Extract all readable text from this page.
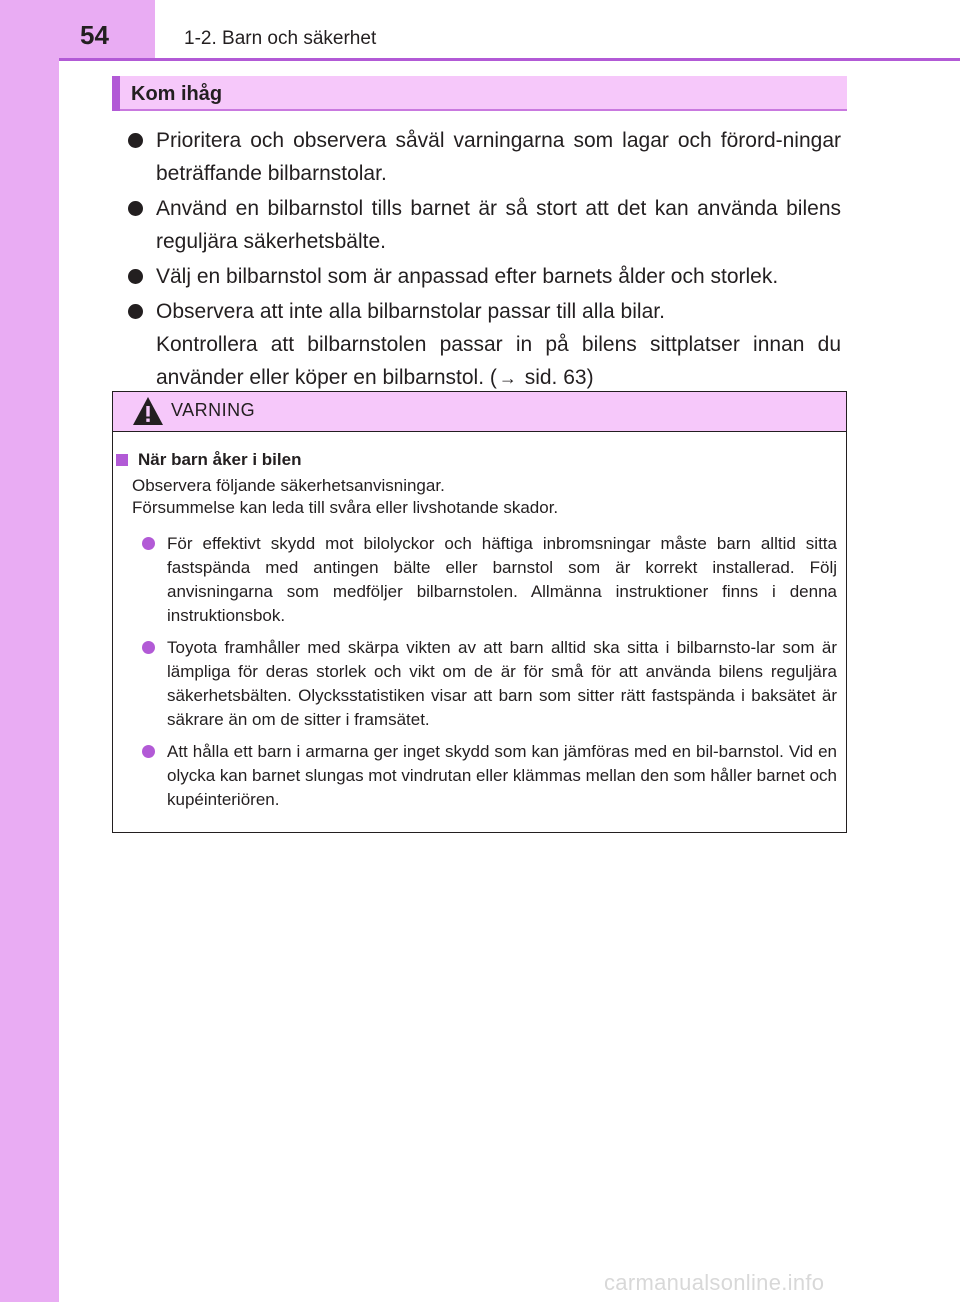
54	1-2. Barn och säkerhet
Kom ihåg
Prioritera och observera såväl varningarna som lagar och förord-ningar beträffande bilbarnstolar.
Använd en bilbarnstol tills barnet är så stort att det kan använda bilens reguljära säkerhetsbälte.
Välj en bilbarnstol som är anpassad efter barnets ålder och storlek.
Observera att inte alla bilbarnstolar passar till alla bilar.
Kontrollera att bilbarnstolen passar in på bilens sittplatser innan du använder eller köper en bilbarnstol. ( → sid. 63)
VARNING
När barn åker i bilen
Observera följande säkerhetsanvisningar.
Försummelse kan leda till svåra eller livshotande skador.
För effektivt skydd mot bilolyckor och häftiga inbromsningar måste barn alltid sitta fastspända med antingen bälte eller barnstol som är korrekt installerad. Följ anvisningarna som medföljer bilbarnstolen. Allmänna instruktioner finns i denna instruktionsbok.
Toyota framhåller med skärpa vikten av att barn alltid ska sitta i bilbarnsto-lar som är lämpliga för deras storlek och vikt om de är för små för att använda bilens reguljära säkerhetsbälten. Olycksstatistiken visar att barn som sitter rätt fastspända i baksätet är säkrare än om de sitter i framsätet.
Att hålla ett barn i armarna ger inget skydd som kan jämföras med en bil-barnstol. Vid en olycka kan barnet slungas mot vindrutan eller klämmas mellan den som håller barnet och kupéinteriören.
carmanualsonline.info
